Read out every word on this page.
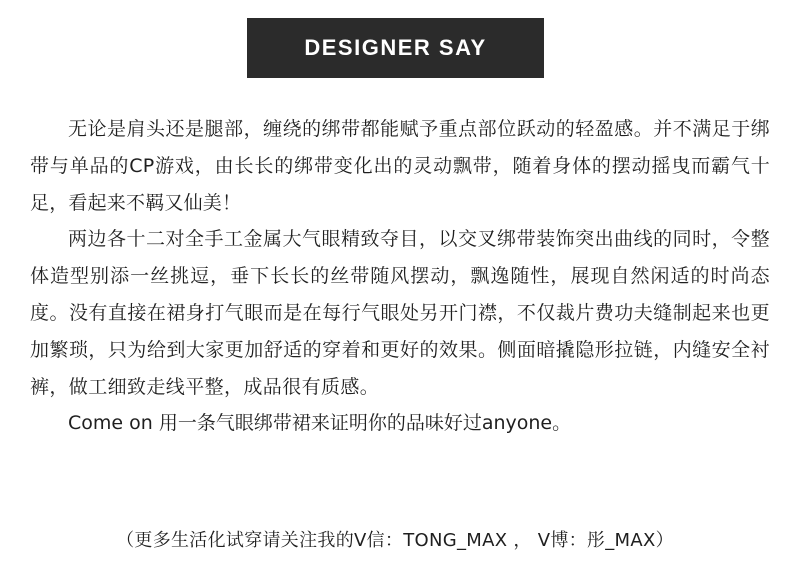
DESIGNER SAY

无论是肩头还是腿部，缠绕的绑带都能赋予重点部位跃动的轻盈感。并不满足于绑带与单品的CP游戏，由长长的绑带变化出的灵动飘带，随着身体的摆动摇曳而霸气十足，看起来不羁又仙美！

两边各十二对全手工金属大气眼精致夺目，以交叉绑带装饰突出曲线的同时，令整体造型别添一丝挑逗，垂下长长的丝带随风摆动，飘逸随性，展现自然闲适的时尚态度。没有直接在裙身打气眼而是在每行气眼处另开门襟，不仅裁片费功夫缝制起来也更加繁琐，只为给到大家更加舒适的穿着和更好的效果。侧面暗撬隐形拉链，内缝安全衬裤，做工细致走线平整，成品很有质感。

Come on 用一条气眼绑带裙来证明你的品味好过anyone。

（更多生活化试穿请关注我的V信：TONG_MAX ， V博：彤_MAX）
